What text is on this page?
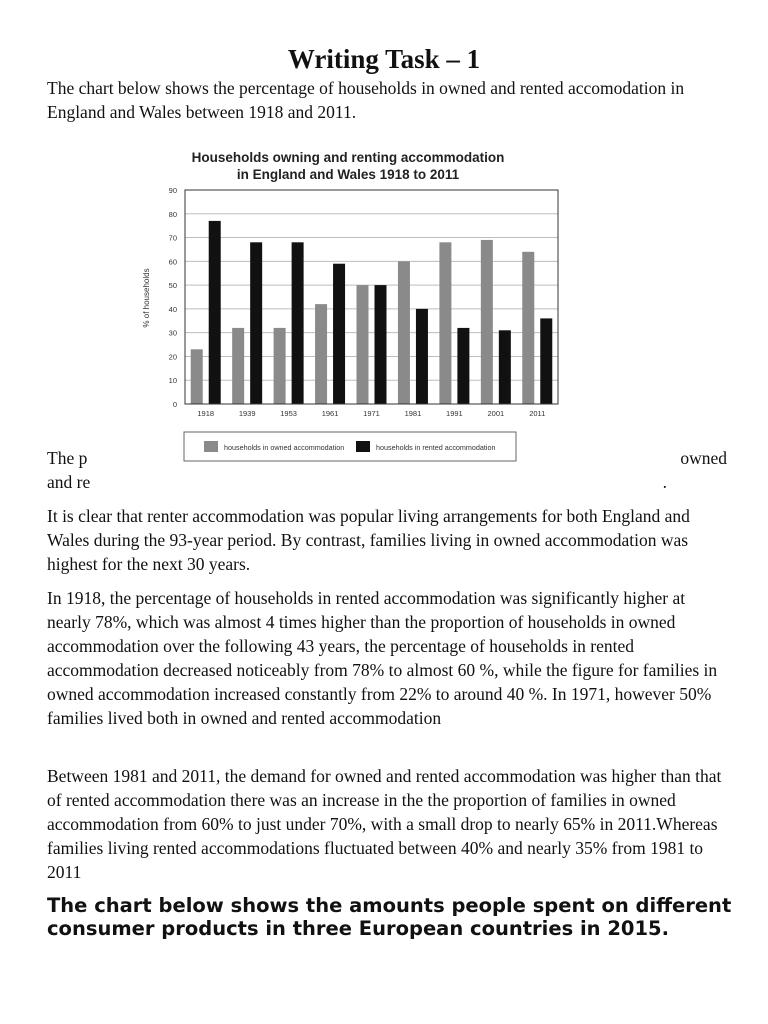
Writing Task – 1

The chart below shows the percentage of households in owned and rented accomodation in England and Wales between 1918 and 2011.

Households owning and renting accommodation
in England and Wales 1918 to 2011
% of households
0
10
20
30
40
50
60
70
80
90
1918	1939	1953	1961	1971	1981	1991	2001	2011
households in owned accommodation	households in rented accommodation
The p	owned
and re	.

It is clear that renter accommodation was popular living arrangements for both England and Wales during the 93-year period. By contrast, families living in owned accommodation was highest for the next 30 years.

In 1918, the percentage of households in rented accommodation was significantly higher at nearly 78%, which was almost 4 times higher than the proportion of households in owned accommodation over the following 43 years, the percentage of households in rented accommodation decreased noticeably from 78% to almost 60 %, while the figure for families in owned accommodation increased constantly from 22% to around 40 %. In 1971, however 50% families lived both in owned and rented accommodation

Between 1981 and 2011, the demand for owned and rented accommodation was higher than that of rented accommodation there was an increase in the the proportion of families in owned accommodation from 60% to just under 70%, with a small drop to nearly 65% in 2011.Whereas families living rented accommodations fluctuated between 40% and nearly 35% from 1981 to 2011

The chart below shows the amounts people spent on different consumer products in three European countries in 2015.
